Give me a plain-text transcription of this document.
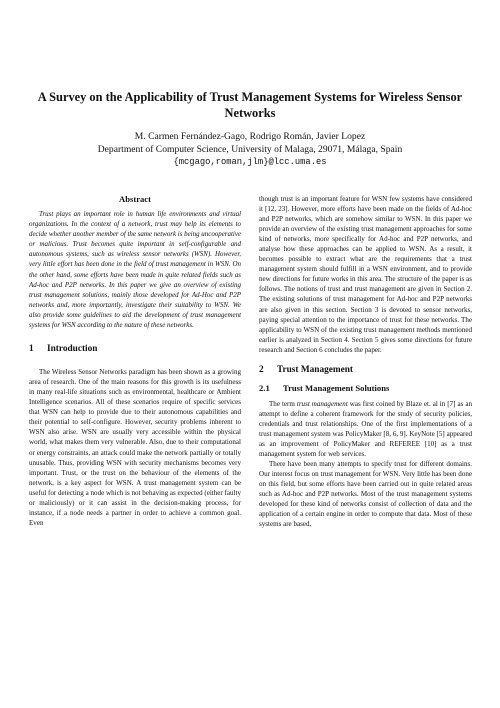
A Survey on the Applicability of Trust Management Systems for Wireless Sensor Networks
M. Carmen Fernández-Gago, Rodrigo Román, Javier Lopez
Department of Computer Science, University of Malaga, 29071, Málaga, Spain
{mcgago,roman,jlm}@lcc.uma.es
Abstract

Trust plays an important role in human life environments and virtual organizations. In the context of a network, trust may help its elements to decide whether another member of the same network is being uncooperative or malicious. Trust becomes quite important in self-configurable and autonomous systems, such as wireless sensor networks (WSN). However, very little effort has been done in the field of trust management in WSN. On the other hand, some efforts have been made in quite related fields such as Ad-hoc and P2P networks. In this paper we give an overview of existing trust management solutions, mainly those developed for Ad-Hoc and P2P networks and, more importantly, investigate their suitability to WSN. We also provide some guidelines to aid the development of trust management systems for WSN according to the nature of these networks.

1 Introduction

The Wireless Sensor Networks paradigm has been shown as a growing area of research. One of the main reasons for this growth is its usefulness in many real-life situations such as environmental, healthcare or Ambient Intelligence scenarios. All of these scenarios require of specific services that WSN can help to provide due to their autonomous capabilities and their potential to self-configure. However, security problems inherent to WSN also arise. WSN are usually very accessible within the physical world, what makes them very vulnerable. Also, due to their computational or energy constraints, an attack could make the network partially or totally unusable. Thus, providing WSN with security mechanisms becomes very important. Trust, or the trust on the behaviour of the elements of the network, is a key aspect for WSN. A trust management system can be useful for detecting a node which is not behaving as expected (either faulty or maliciously) or it can assist in the decision-making process, for instance, if a node needs a partner in order to achieve a common goal. Even

though trust is an important feature for WSN few systems have considered it [12, 23]. However, more efforts have been made on the fields of Ad-hoc and P2P networks, which are somehow similar to WSN. In this paper we provide an overview of the existing trust management approaches for some kind of networks, more specifically for Ad-hoc and P2P networks, and analyse how these approaches can be applied to WSN. As a result, it becomes possible to extract what are the requirements that a trust management system should fulfill in a WSN environment, and to provide new directions for future works in this area. The structure of the paper is as follows. The notions of trust and trust management are given in Section 2. The existing solutions of trust management for Ad-hoc and P2P networks are also given in this section. Section 3 is devoted to sensor networks, paying special attention to the importance of trust for these networks. The applicability to WSN of the existing trust management methods mentioned earlier is analyzed in Section 4. Section 5 gives some directions for future research and Section 6 concludes the paper.

2 Trust Management
2.1 Trust Management Solutions

The term trust management was first coined by Blaze et. al in [7] as an attempt to define a coherent framework for the study of security policies, credentials and trust relationships. One of the first implementations of a trust management system was PolicyMaker [8, 6, 9]. KeyNote [5] appeared as an improvement of PolicyMaker and REFEREE [10] as a trust management system for web services.

There have been many attempts to specify trust for different domains. Our interest focus on trust management for WSN. Very little has been done on this field, but some efforts have been carried out in quite related areas such as Ad-hoc and P2P networks. Most of the trust management systems developed for these kind of networks consist of collection of data and the application of a certain engine in order to compute that data. Most of these systems are based,
